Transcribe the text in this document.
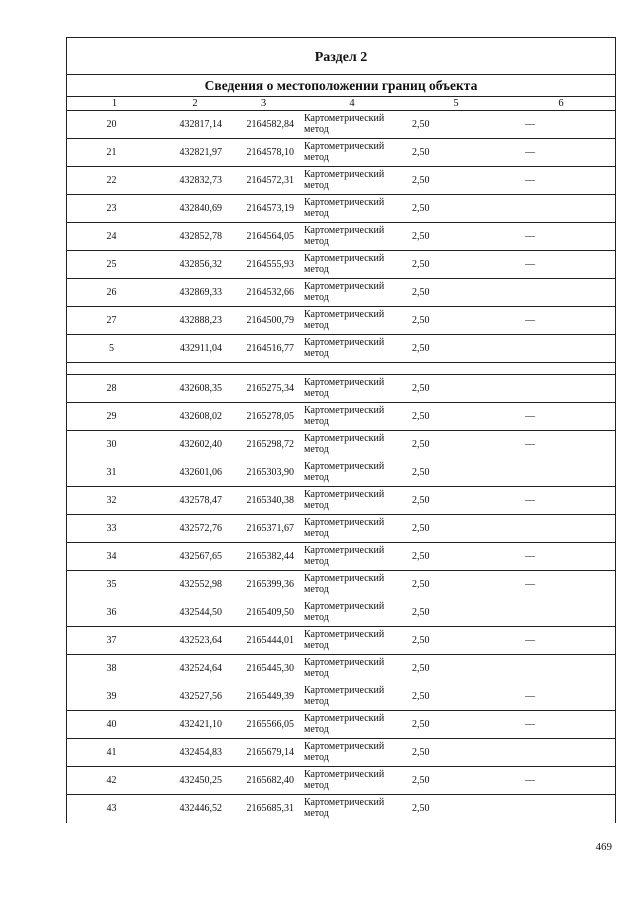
Раздел 2
Сведения о местоположении границ объекта
1	2	3	4	5	6
20	432817,14	2164582,84
Картометрический
метод	2,50	—
21	432821,97	2164578,10
Картометрический
метод	2,50	—
22	432832,73	2164572,31
Картометрический
метод	2,50	—
23	432840,69	2164573,19
Картометрический
метод	2,50
24	432852,78	2164564,05
Картометрический
метод	2,50	—
25	432856,32	2164555,93
Картометрический
метод	2,50	—
26	432869,33	2164532,66
Картометрический
метод	2,50
27	432888,23	2164500,79
Картометрический
метод	2,50	—
5	432911,04	2164516,77
Картометрический
метод	2,50
28	432608,35	2165275,34
Картометрический
метод	2,50
29	432608,02	2165278,05
Картометрический
метод	2,50	—
30	432602,40	2165298,72
Картометрический
метод	2,50	—
31	432601,06	2165303,90
Картометрический
метод	2,50
32	432578,47	2165340,38
Картометрический
метод	2,50	—
33	432572,76	2165371,67
Картометрический
метод	2,50
34	432567,65	2165382,44
Картометрический
метод	2,50	—
35	432552,98	2165399,36
Картометрический
метод	2,50	—
36	432544,50	2165409,50
Картометрический
метод	2,50
37	432523,64	2165444,01
Картометрический
метод	2,50	—
38	432524,64	2165445,30
Картометрический
метод	2,50
39	432527,56	2165449,39
Картометрический
метод	2,50	—
40	432421,10	2165566,05
Картометрический
метод	2,50	—
41	432454,83	2165679,14
Картометрический
метод	2,50
42	432450,25	2165682,40
Картометрический
метод	2,50	—
43	432446,52	2165685,31
Картометрический
метод	2,50
469
